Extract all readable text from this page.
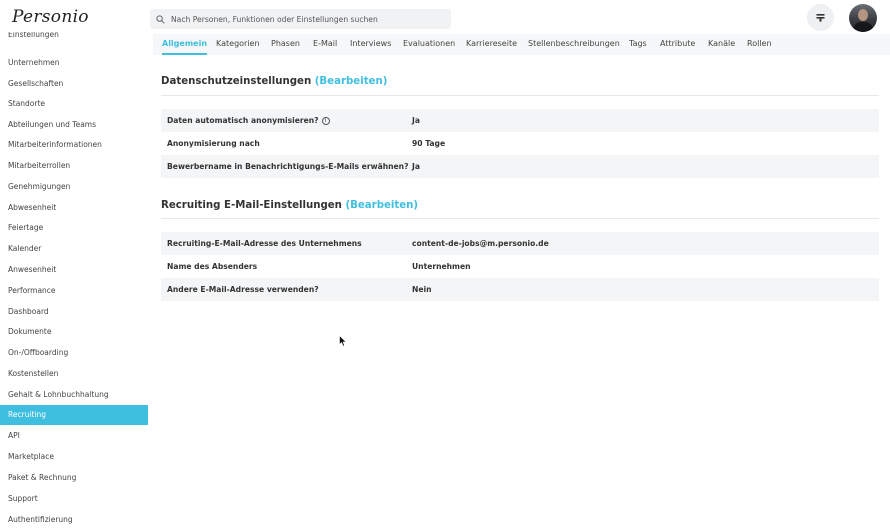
Personio
Nach Personen, Funktionen oder Einstellungen suchen
Einstellungen
Unternehmen
Gesellschaften
Standorte
Abteilungen und Teams
Mitarbeiterinformationen
Mitarbeiterrollen
Genehmigungen
Abwesenheit
Feiertage
Kalender
Anwesenheit
Performance
Dashboard
Dokumente
On-/Offboarding
Kostenstellen
Gehalt & Lohnbuchhaltung
Recruiting
API
Marketplace
Paket & Rechnung
Support
Authentifizierung
Allgemein Kategorien Phasen E-Mail Interviews Evaluationen Karriereseite Stellenbeschreibungen Tags Attribute Kanäle Rollen
Datenschutzeinstellungen (Bearbeiten)
Daten automatisch anonymisieren? i	Ja
Anonymisierung nach	90 Tage
Bewerbername in Benachrichtigungs-E-Mails erwähnen? Ja
Recruiting E-Mail-Einstellungen (Bearbeiten)
Recruiting-E-Mail-Adresse des Unternehmens	content-de-jobs@m.personio.de
Name des Absenders	Unternehmen
Andere E-Mail-Adresse verwenden?	Nein
